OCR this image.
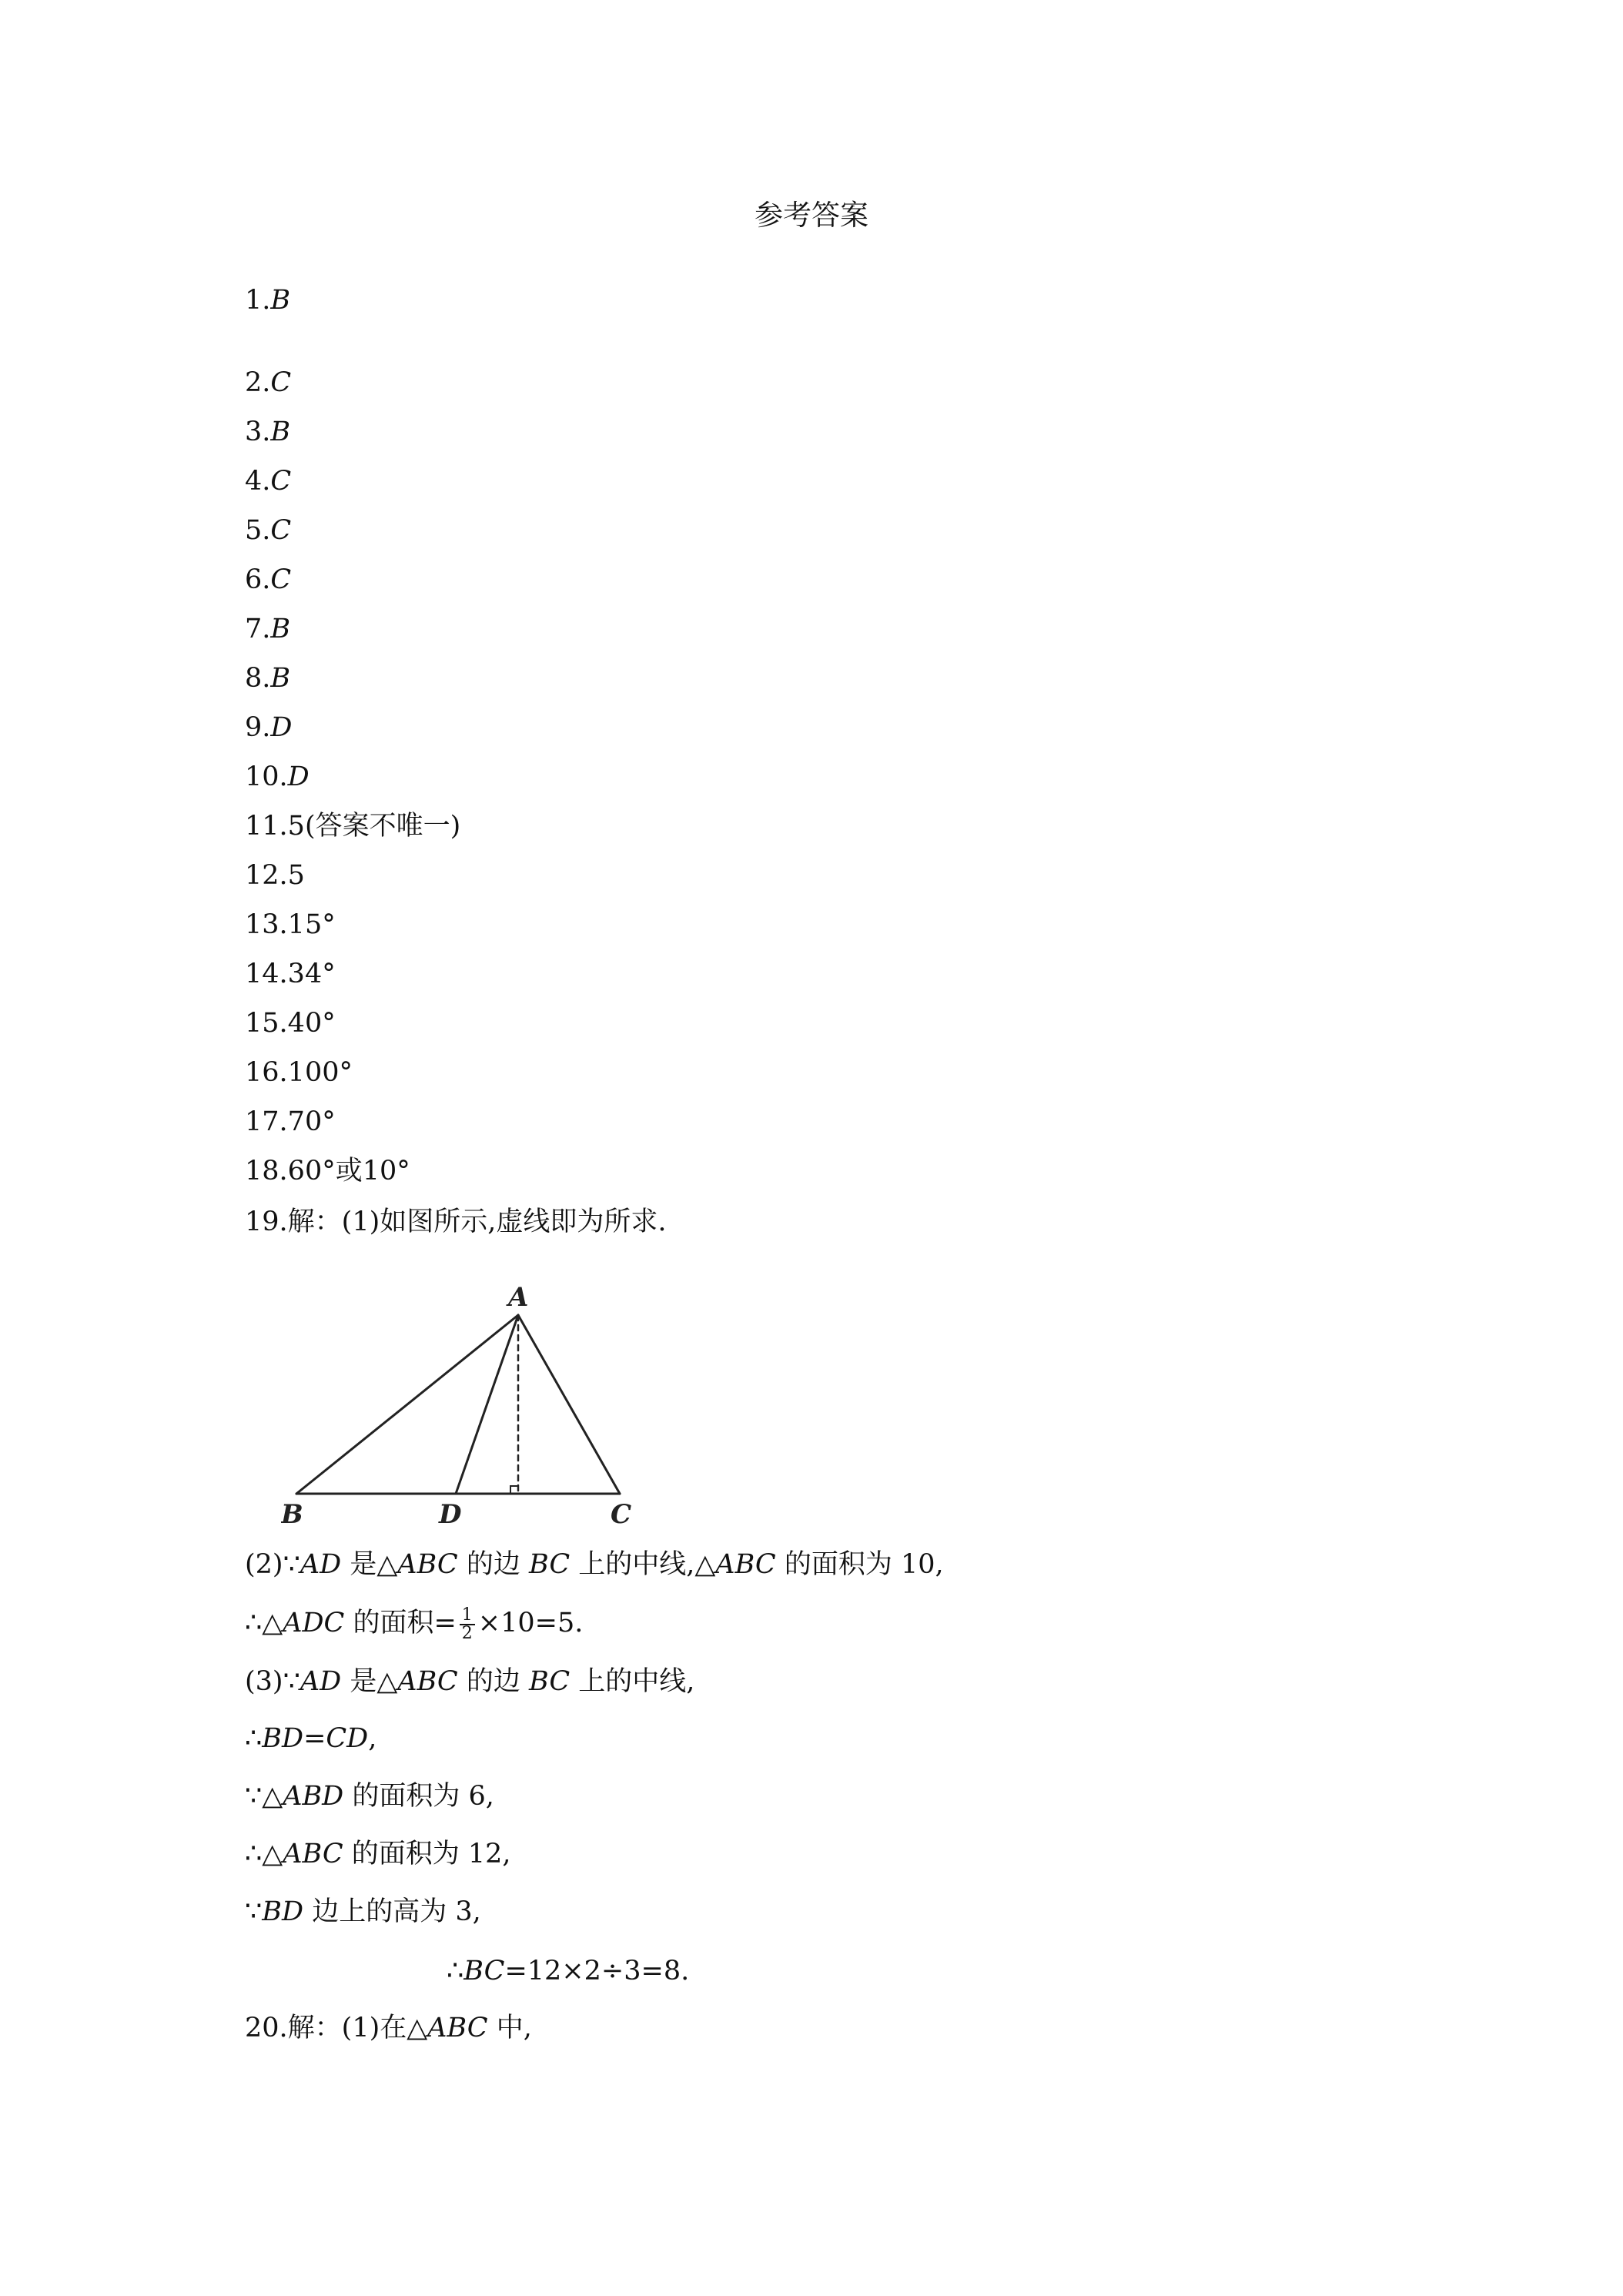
参考答案
1.B
2.C
3.B
4.C
5.C
6.C
7.B
8.B
9.D
10.D
11.5(答案不唯一)
12.5
13.15°
14.34°
15.40°
16.100°
17.70°
18.60°或10°
19.解：(1)如图所示,虚线即为所求.
A
B	D	C
(2)∵AD 是△ABC 的边 BC 上的中线,△ABC 的面积为 10,
∴△ADC 的面积= $\frac{1}{2} \times 10=5$.
(3)∵AD 是△ABC 的边 BC 上的中线,
∴BD=CD,
∵△ABD 的面积为 6,
∴△ABC 的面积为 12,
∵BD 边上的高为 3,
∴BC=12×2÷3=8.
20.解：(1)在△ABC 中,
